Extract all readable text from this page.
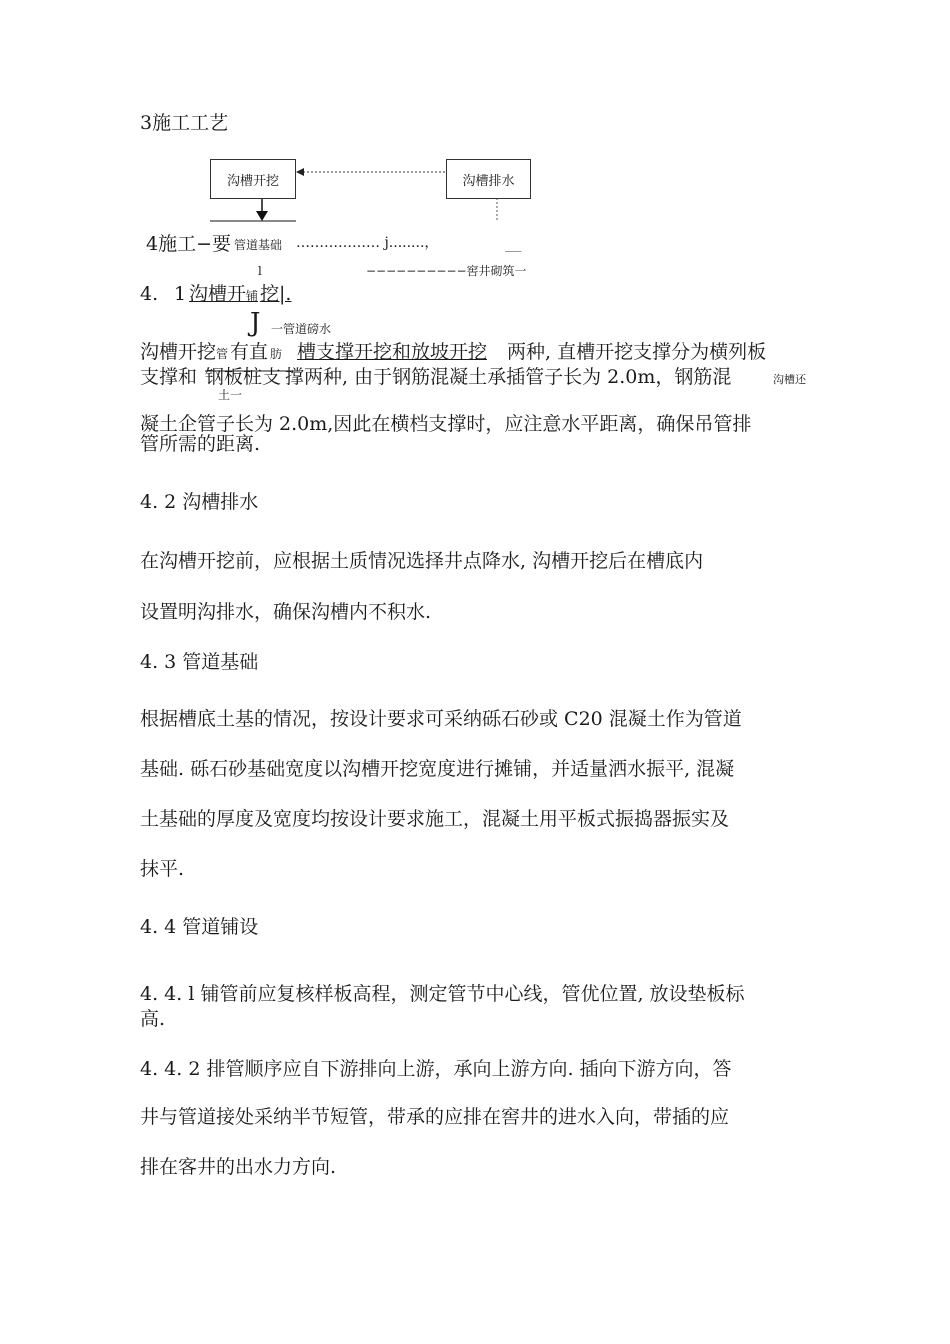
3施工工艺
沟槽开挖	沟槽排水
4施工−要 管道基础 ……………… j........，	___
l	−−−−−−−−−−窖井砌筑一
4. 1 沟槽开 铺 挖|.
J 一管道磅水
沟槽开挖 管 有直 肪 槽支撑开挖和放坡开挖 两种, 直槽开挖支撑分为横列板
支撑和 钢板桩支 撑两种, 由于钢筋混凝土承插管子长为 2.0m，钢筋混	沟槽还
土一
凝土企管子长为 2.0m,因此在横档支撑时，应注意水平距离，确保吊管排
管所需的距离.
4. 2 沟槽排水
在沟槽开挖前，应根据土质情况选择井点降水, 沟槽开挖后在槽底内
设置明沟排水，确保沟槽内不积水.
4. 3 管道基础
根据槽底土基的情况，按设计要求可采纳砾石砂或 C20 混凝土作为管道
基础. 砾石砂基础宽度以沟槽开挖宽度进行摊铺，并适量洒水振平, 混凝
土基础的厚度及宽度均按设计要求施工，混凝土用平板式振捣器振实及
抹平.
4. 4 管道铺设
4. 4. l 铺管前应复核样板高程，测定管节中心线，管优位置, 放设垫板标
高.
4. 4. 2 排管顺序应自下游排向上游，承向上游方向. 插向下游方向，答
井与管道接处采纳半节短管，带承的应排在窖井的进水入向，带插的应
排在客井的出水力方向.
